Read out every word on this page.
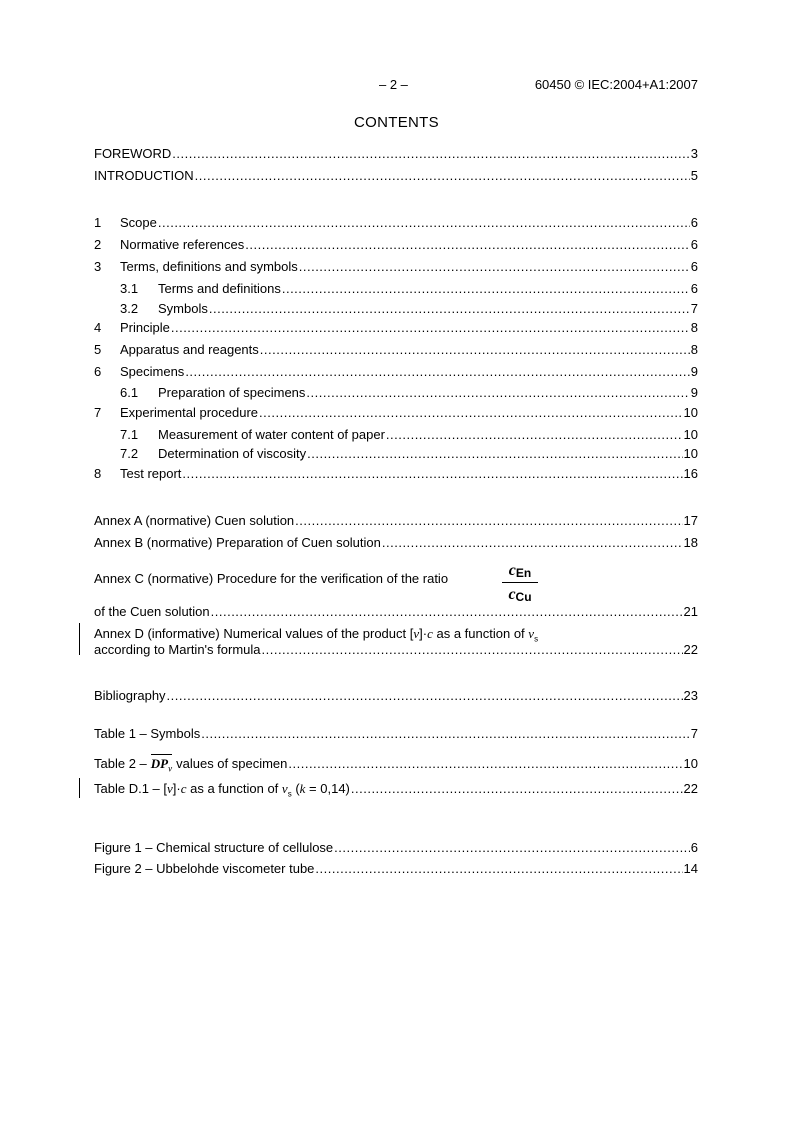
– 2 –	60450 © IEC:2004+A1:2007
CONTENTS
FOREWORD .....	3
INTRODUCTION .....	5
1 Scope .....	6
2 Normative references .....	6
3 Terms, definitions and symbols .....	6
3.1 Terms and definitions .....	6
3.2 Symbols .....	7
4 Principle .....	8
5 Apparatus and reagents .....	8
6 Specimens .....	9
6.1 Preparation of specimens .....	9
7 Experimental procedure .....	10
7.1 Measurement of water content of paper .....	10
7.2 Determination of viscosity .....	10
8 Test report .....	16
Annex A (normative) Cuen solution .....	17
Annex B (normative) Preparation of Cuen solution .....	18
Annex C (normative) Procedure for the verification of the ratio	cEn
cCu
of the Cuen solution .....	21
Annex D (informative) Numerical values of the product [ν]·c as a function of $\nu_s$
according to Martin's formula .....	22
Bibliography .....	23
Table 1 – Symbols .....	7
Table $2 - DP_v$ values of specimen .....	10
Table D.1 – [ν]·c as a function of $\nu_s$ (k = 0,14) .....	22
Figure 1 – Chemical structure of cellulose .....	6
Figure 2 – Ubbelohde viscometer tube .....	14
